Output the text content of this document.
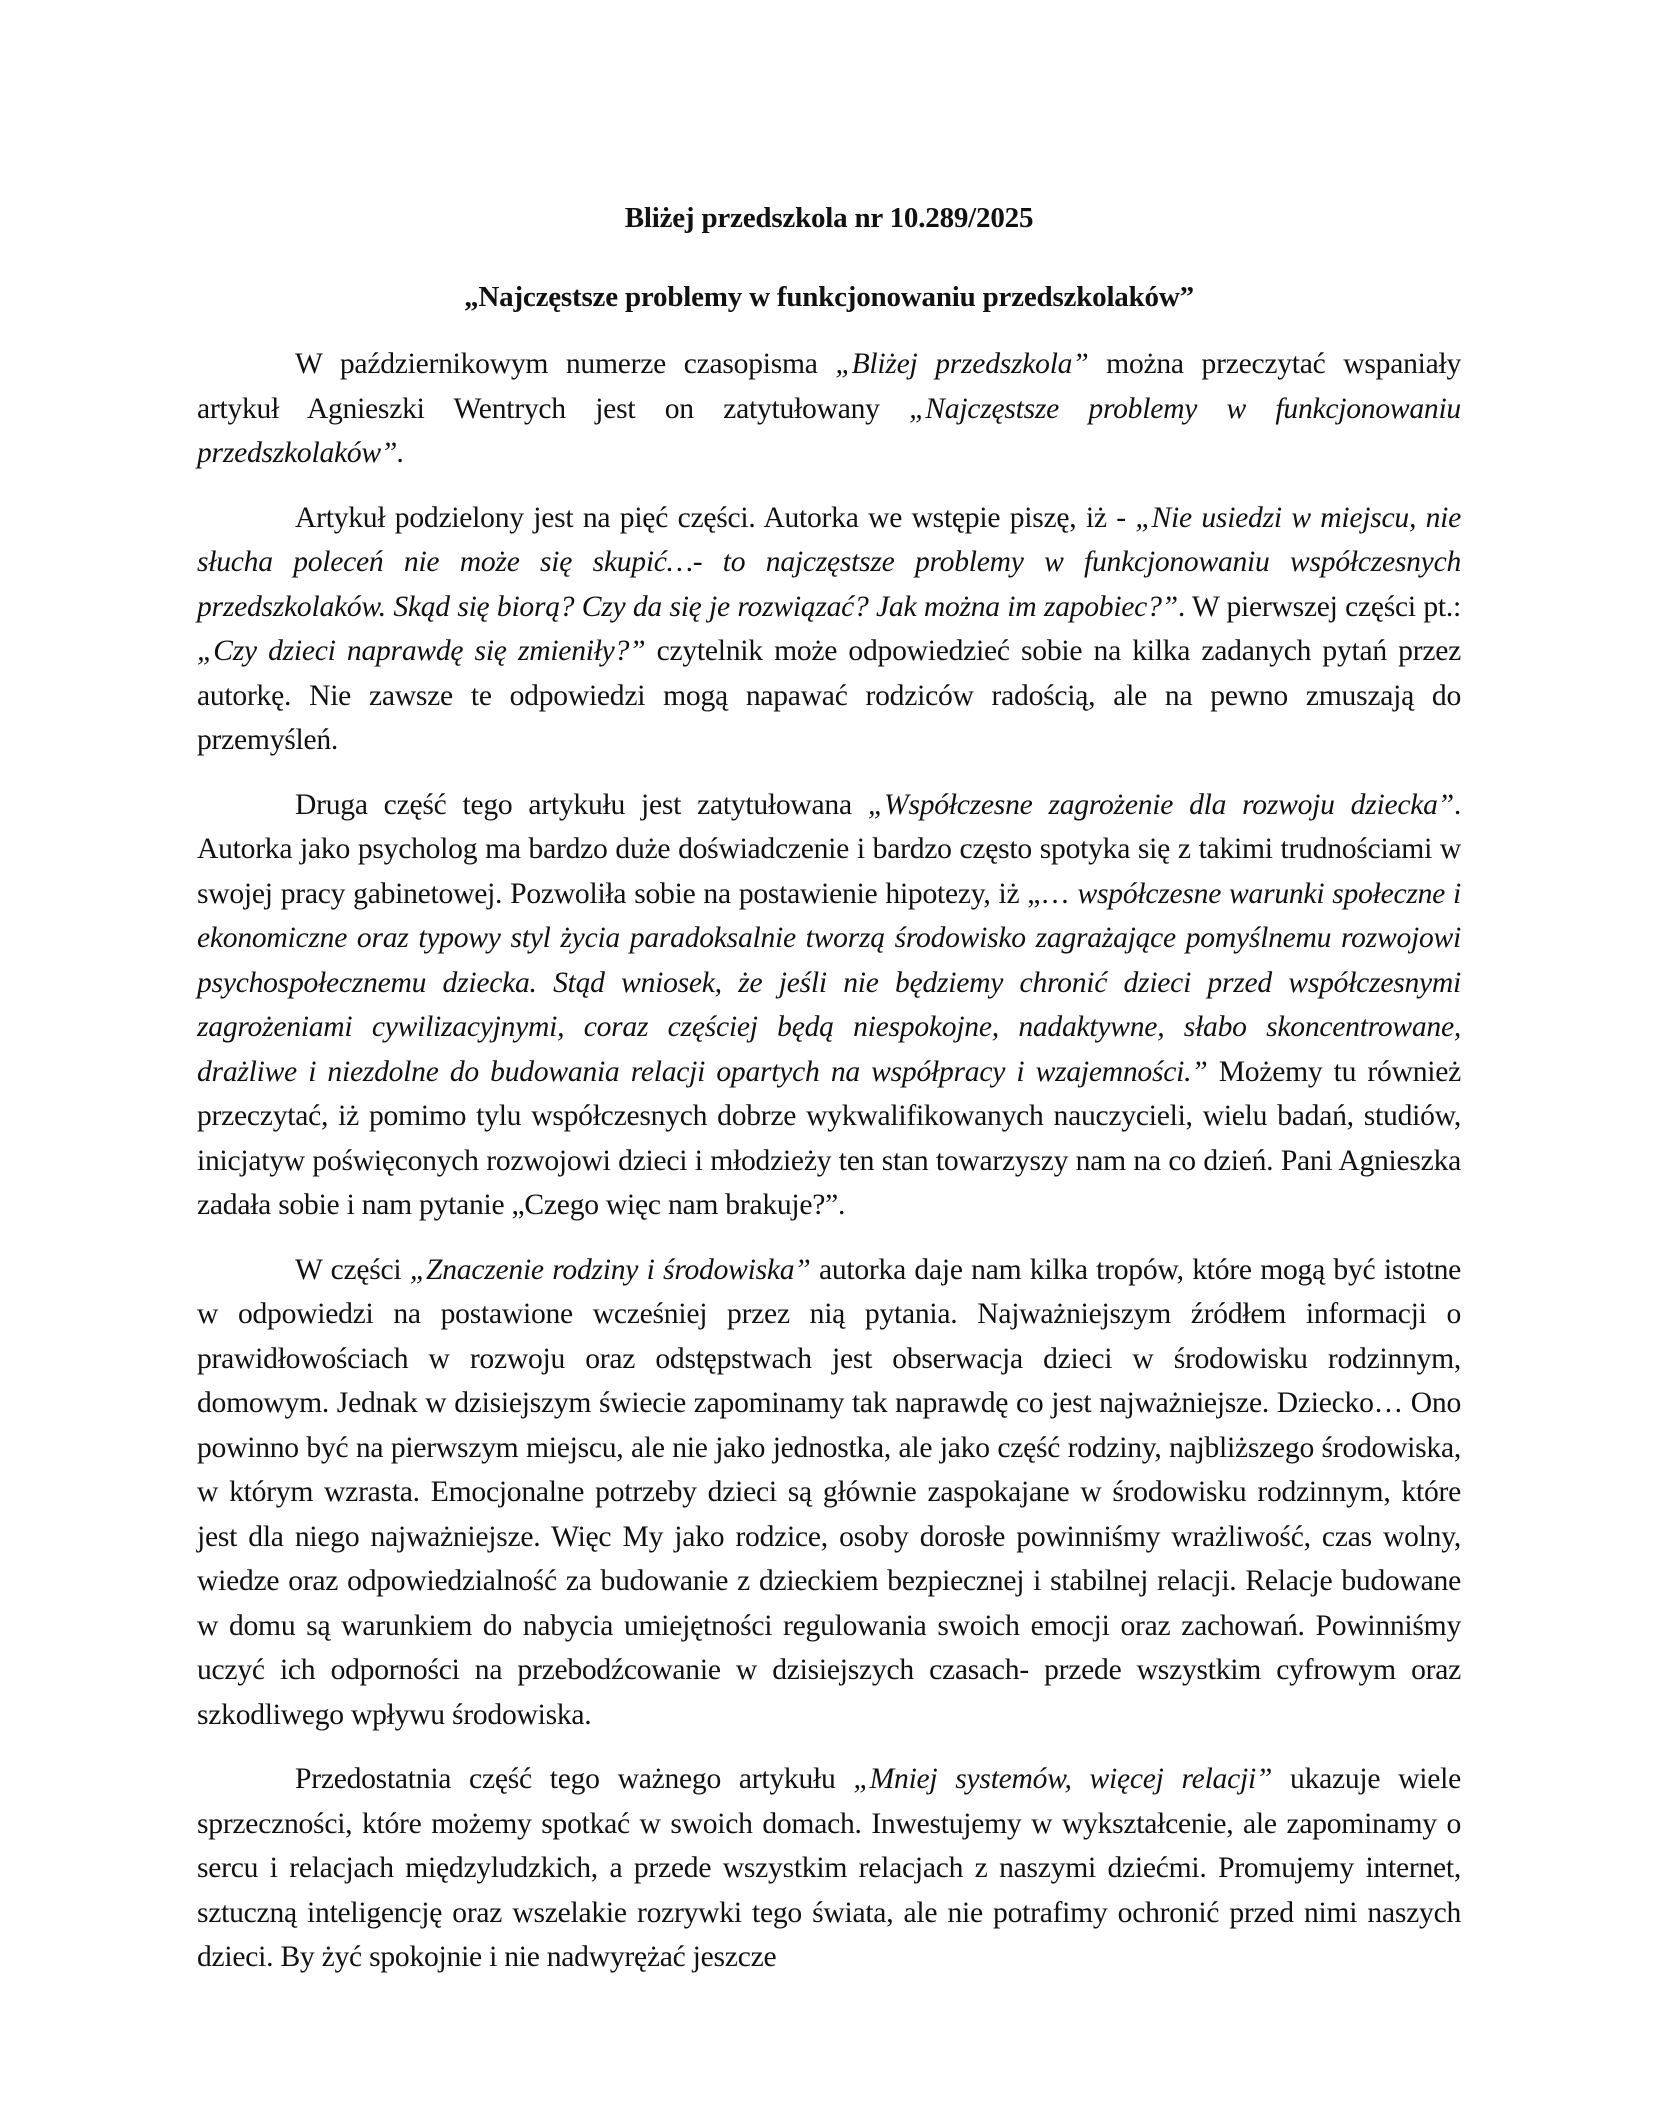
Bliżej przedszkola nr 10.289/2025

„Najczęstsze problemy w funkcjonowaniu przedszkolaków”

W październikowym numerze czasopisma „Bliżej przedszkola” można przeczytać wspaniały artykuł Agnieszki Wentrych jest on zatytułowany „Najczęstsze problemy w funkcjonowaniu przedszkolaków”.

Artykuł podzielony jest na pięć części. Autorka we wstępie piszę, iż - „Nie usiedzi w miejscu, nie słucha poleceń nie może się skupić…- to najczęstsze problemy w funkcjonowaniu współczesnych przedszkolaków. Skąd się biorą? Czy da się je rozwiązać? Jak można im zapobiec?”. W pierwszej części pt.: „Czy dzieci naprawdę się zmieniły?” czytelnik może odpowiedzieć sobie na kilka zadanych pytań przez autorkę. Nie zawsze te odpowiedzi mogą napawać rodziców radością, ale na pewno zmuszają do przemyśleń.

Druga część tego artykułu jest zatytułowana „Współczesne zagrożenie dla rozwoju dziecka”. Autorka jako psycholog ma bardzo duże doświadczenie i bardzo często spotyka się z takimi trudnościami w swojej pracy gabinetowej. Pozwoliła sobie na postawienie hipotezy, iż „… współczesne warunki społeczne i ekonomiczne oraz typowy styl życia paradoksalnie tworzą środowisko zagrażające pomyślnemu rozwojowi psychospołecznemu dziecka. Stąd wniosek, że jeśli nie będziemy chronić dzieci przed współczesnymi zagrożeniami cywilizacyjnymi, coraz częściej będą niespokojne, nadaktywne, słabo skoncentrowane, drażliwe i niezdolne do budowania relacji opartych na współpracy i wzajemności.” Możemy tu również przeczytać, iż pomimo tylu współczesnych dobrze wykwalifikowanych nauczycieli, wielu badań, studiów, inicjatyw poświęconych rozwojowi dzieci i młodzieży ten stan towarzyszy nam na co dzień. Pani Agnieszka zadała sobie i nam pytanie „Czego więc nam brakuje?”.

W części „Znaczenie rodziny i środowiska” autorka daje nam kilka tropów, które mogą być istotne w odpowiedzi na postawione wcześniej przez nią pytania. Najważniejszym źródłem informacji o prawidłowościach w rozwoju oraz odstępstwach jest obserwacja dzieci w środowisku rodzinnym, domowym. Jednak w dzisiejszym świecie zapominamy tak naprawdę co jest najważniejsze. Dziecko… Ono powinno być na pierwszym miejscu, ale nie jako jednostka, ale jako część rodziny, najbliższego środowiska, w którym wzrasta. Emocjonalne potrzeby dzieci są głównie zaspokajane w środowisku rodzinnym, które jest dla niego najważniejsze. Więc My jako rodzice, osoby dorosłe powinniśmy wrażliwość, czas wolny, wiedze oraz odpowiedzialność za budowanie z dzieckiem bezpiecznej i stabilnej relacji. Relacje budowane w domu są warunkiem do nabycia umiejętności regulowania swoich emocji oraz zachowań. Powinniśmy uczyć ich odporności na przebodźcowanie w dzisiejszych czasach- przede wszystkim cyfrowym oraz szkodliwego wpływu środowiska.

Przedostatnia część tego ważnego artykułu „Mniej systemów, więcej relacji” ukazuje wiele sprzeczności, które możemy spotkać w swoich domach. Inwestujemy w wykształcenie, ale zapominamy o sercu i relacjach międzyludzkich, a przede wszystkim relacjach z naszymi dziećmi. Promujemy internet, sztuczną inteligencję oraz wszelakie rozrywki tego świata, ale nie potrafimy ochronić przed nimi naszych dzieci. By żyć spokojnie i nie nadwyrężać jeszcze
